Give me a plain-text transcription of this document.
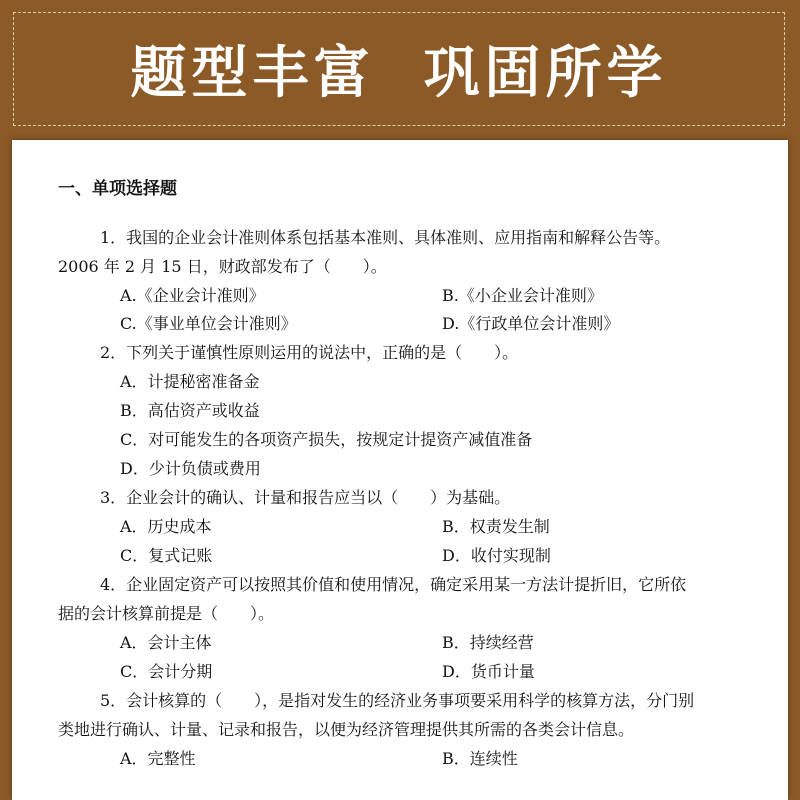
题型丰富  巩固所学
一、单项选择题
1．我国的企业会计准则体系包括基本准则、具体准则、应用指南和解释公告等。
2006 年 2 月 15 日，财政部发布了（　　）。
A.《企业会计准则》	B.《小企业会计准则》
C.《事业单位会计准则》	D.《行政单位会计准则》
2．下列关于谨慎性原则运用的说法中，正确的是（　　）。
A．计提秘密准备金
B．高估资产或收益
C．对可能发生的各项资产损失，按规定计提资产减值准备
D．少计负债或费用
3．企业会计的确认、计量和报告应当以（　　）为基础。
A．历史成本	B．权责发生制
C．复式记账	D．收付实现制
4．企业固定资产可以按照其价值和使用情况，确定采用某一方法计提折旧，它所依
据的会计核算前提是（　　）。
A．会计主体	B．持续经营
C．会计分期	D．货币计量
5．会计核算的（　　），是指对发生的经济业务事项要采用科学的核算方法，分门别
类地进行确认、计量、记录和报告，以便为经济管理提供其所需的各类会计信息。
A．完整性	B．连续性
